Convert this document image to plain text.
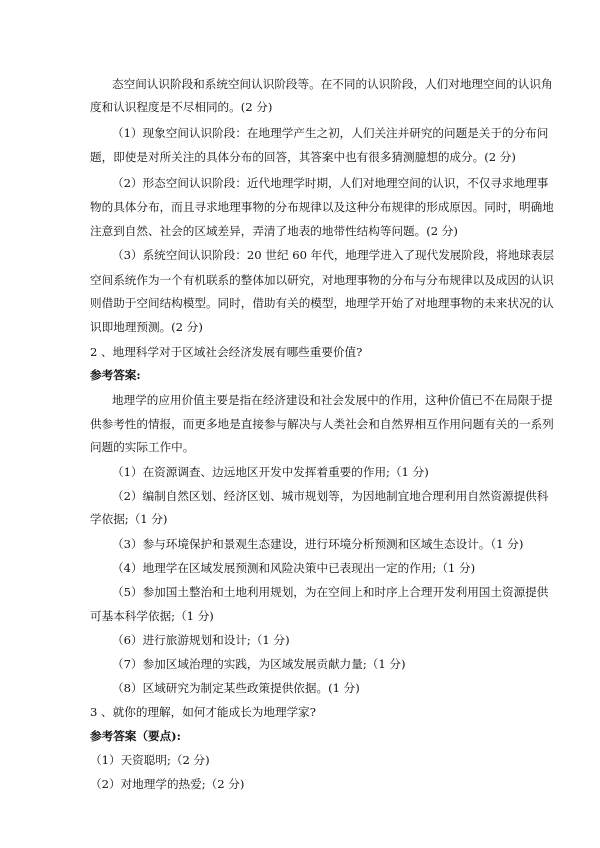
态空间认识阶段和系统空间认识阶段等。在不同的认识阶段，人们对地理空间的认识角

度和认识程度是不尽相同的。(2 分)

（1）现象空间认识阶段：在地理学产生之初，人们关注并研究的问题是关于的分布问

题，即使是对所关注的具体分布的回答，其答案中也有很多猜测臆想的成分。(2 分)

（2）形态空间认识阶段：近代地理学时期，人们对地理空间的认识，不仅寻求地理事

物的具体分布，而且寻求地理事物的分布规律以及这种分布规律的形成原因。同时，明确地

注意到自然、社会的区域差异，弄清了地表的地带性结构等问题。(2 分)

（3）系统空间认识阶段：20 世纪 60 年代，地理学进入了现代发展阶段，将地球表层

空间系统作为一个有机联系的整体加以研究，对地理事物的分布与分布规律以及成因的认识

则借助于空间结构模型。同时，借助有关的模型，地理学开始了对地理事物的未来状况的认

识即地理预测。(2 分)

2 、地理科学对于区域社会经济发展有哪些重要价值?

参考答案:

地理学的应用价值主要是指在经济建设和社会发展中的作用，这种价值已不在局限于提

供参考性的情报，而更多地是直接参与解决与人类社会和自然界相互作用问题有关的一系列

问题的实际工作中。

（1）在资源调查、边远地区开发中发挥着重要的作用;（1 分)

（2）编制自然区划、经济区划、城市规划等，为因地制宜地合理利用自然资源提供科

学依据;（1 分)

（3）参与环境保护和景观生态建设，进行环境分析预测和区域生态设计。（1 分)

（4）地理学在区域发展预测和风险决策中已表现出一定的作用;（1 分)

（5）参加国土整治和土地利用规划，为在空间上和时序上合理开发利用国土资源提供

可基本科学依据;（1 分)

（6）进行旅游规划和设计;（1 分)

（7）参加区域治理的实践，为区域发展贡献力量;（1 分)

（8）区域研究为制定某些政策提供依据。(1 分)

3 、就你的理解，如何才能成长为地理学家?

参考答案（要点):

（1）天资聪明;（2 分)

（2）对地理学的热爱;（2 分)
